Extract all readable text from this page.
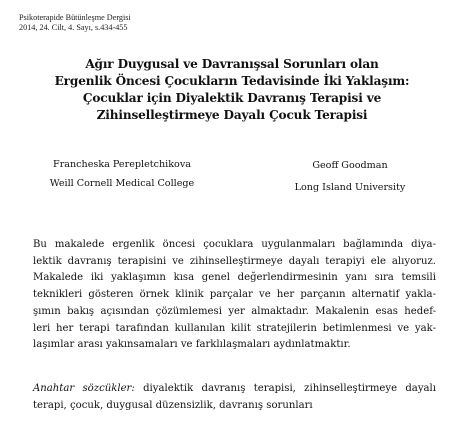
Psikoterapide Bütünleşme Dergisi
2014, 24. Cilt, 4. Sayı, s.434-455
Ağır Duygusal ve Davranışsal Sorunları olan
Ergenlik Öncesi Çocukların Tedavisinde İki Yaklaşım:
Çocuklar için Diyalektik Davranış Terapisi ve
Zihinselleştirmeye Dayalı Çocuk Terapisi
Francheska Perepletchikova
Weill Cornell Medical College
Geoff Goodman
Long Island University
Bu makalede ergenlik öncesi çocuklara uygulanmaları bağlamında diya-
lektik davranış terapisini ve zihinselleştirmeye dayalı terapiyi ele alıyoruz.
Makalede iki yaklaşımın kısa genel değerlendirmesinin yanı sıra temsili
teknikleri gösteren örnek klinik parçalar ve her parçanın alternatif yakla-
şımın bakış açısından çözümlemesi yer almaktadır. Makalenin esas hedef-
leri her terapi tarafından kullanılan kilit stratejilerin betimlenmesi ve yak-
laşımlar arası yakınsamaları ve farklılaşmaları aydınlatmaktır.
Anahtar sözcükler: diyalektik davranış terapisi, zihinselleştirmeye dayalı
terapi, çocuk, duygusal düzensizlik, davranış sorunları
